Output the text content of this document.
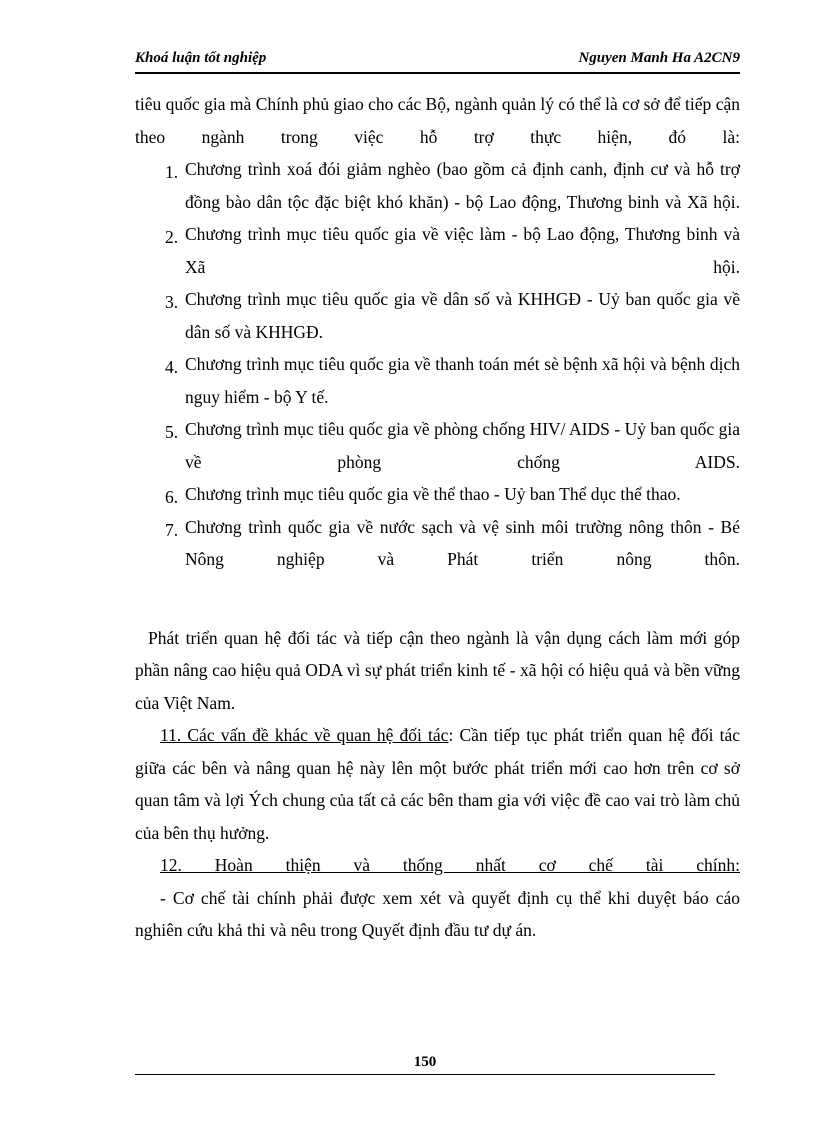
Khoá luận tốt nghiệp	Nguyen Manh Ha A2CN9

tiêu quốc gia mà Chính phủ giao cho các Bộ, ngành quản lý có thể là cơ sở để tiếp cận theo ngành trong việc hỗ trợ thực hiện, đó là:

1. Chương trình xoá đói giảm nghèo (bao gồm cả định canh, định cư và hỗ trợ đồng bào dân tộc đặc biệt khó khăn) - bộ Lao động, Thương binh và Xã hội.
2. Chương trình mục tiêu quốc gia về việc làm - bộ Lao động, Thương binh và Xã hội.
3. Chương trình mục tiêu quốc gia về dân số và KHHGĐ - Uỷ ban quốc gia về dân số và KHHGĐ.
4. Chương trình mục tiêu quốc gia về thanh toán mét sè bệnh xã hội và bệnh dịch nguy hiểm - bộ Y tế.
5. Chương trình mục tiêu quốc gia về phòng chống HIV/ AIDS - Uỷ ban quốc gia về phòng chống AIDS.
6. Chương trình mục tiêu quốc gia về thể thao - Uỷ ban Thể dục thể thao.
7. Chương trình quốc gia về nước sạch và vệ sinh môi trường nông thôn - Bé Nông nghiệp và Phát triển nông thôn.

Phát triển quan hệ đối tác và tiếp cận theo ngành là vận dụng cách làm mới góp phần nâng cao hiệu quả ODA vì sự phát triển kinh tế - xã hội có hiệu quả và bền vững của Việt Nam.

11. Các vấn đề khác về quan hệ đối tác: Cần tiếp tục phát triển quan hệ đối tác giữa các bên và nâng quan hệ này lên một bước phát triển mới cao hơn trên cơ sở quan tâm và lợi Ých chung của tất cả các bên tham gia với việc đề cao vai trò làm chủ của bên thụ hưởng.

12. Hoàn thiện và thống nhất cơ chế tài chính:

- Cơ chế tài chính phải được xem xét và quyết định cụ thể khi duyệt báo cáo nghiên cứu khả thi và nêu trong Quyết định đầu tư dự án.

150
